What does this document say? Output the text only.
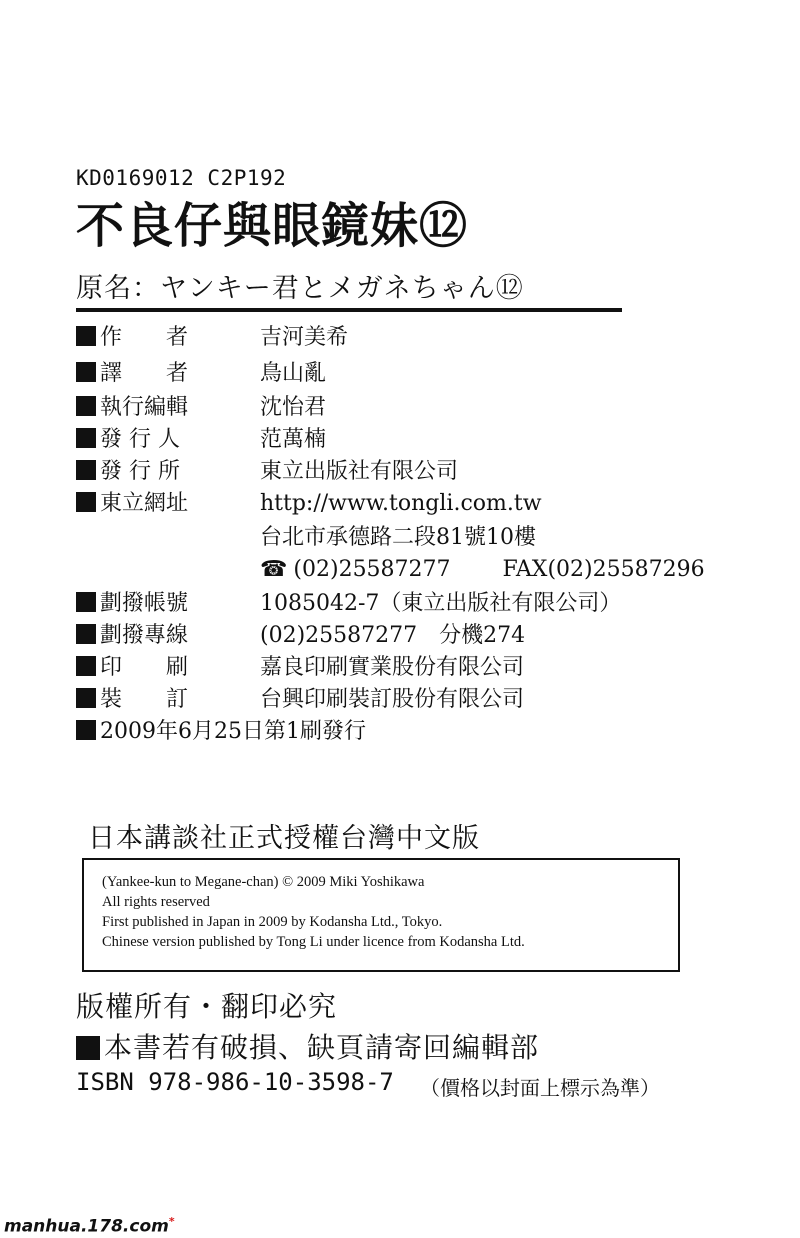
KD0169012 C2P192
不良仔與眼鏡妹⑫
原名：ヤンキー君とメガネちゃん⑫
作　　者	吉河美希
譯　　者	鳥山亂
執行編輯	沈怡君
發 行 人	范萬楠
發 行 所	東立出版社有限公司
東立網址	http://www.tongli.com.tw
台北市承德路二段81號10樓
☎ (02)25587277 FAX(02)25587296
劃撥帳號	1085042-7（東立出版社有限公司）
劃撥專線	(02)25587277　分機274
印　　刷	嘉良印刷實業股份有限公司
裝　　訂	台興印刷裝訂股份有限公司
2009年6月25日第1刷發行
日本講談社正式授權台灣中文版
(Yankee-kun to Megane-chan) © 2009 Miki Yoshikawa
All rights reserved
First published in Japan in 2009 by Kodansha Ltd., Tokyo.
Chinese version published by Tong Li under licence from Kodansha Ltd.
版權所有・翻印必究
本書若有破損、缺頁請寄回編輯部
ISBN 978-986-10-3598-7 （價格以封面上標示為準）
manhua.178.com*
